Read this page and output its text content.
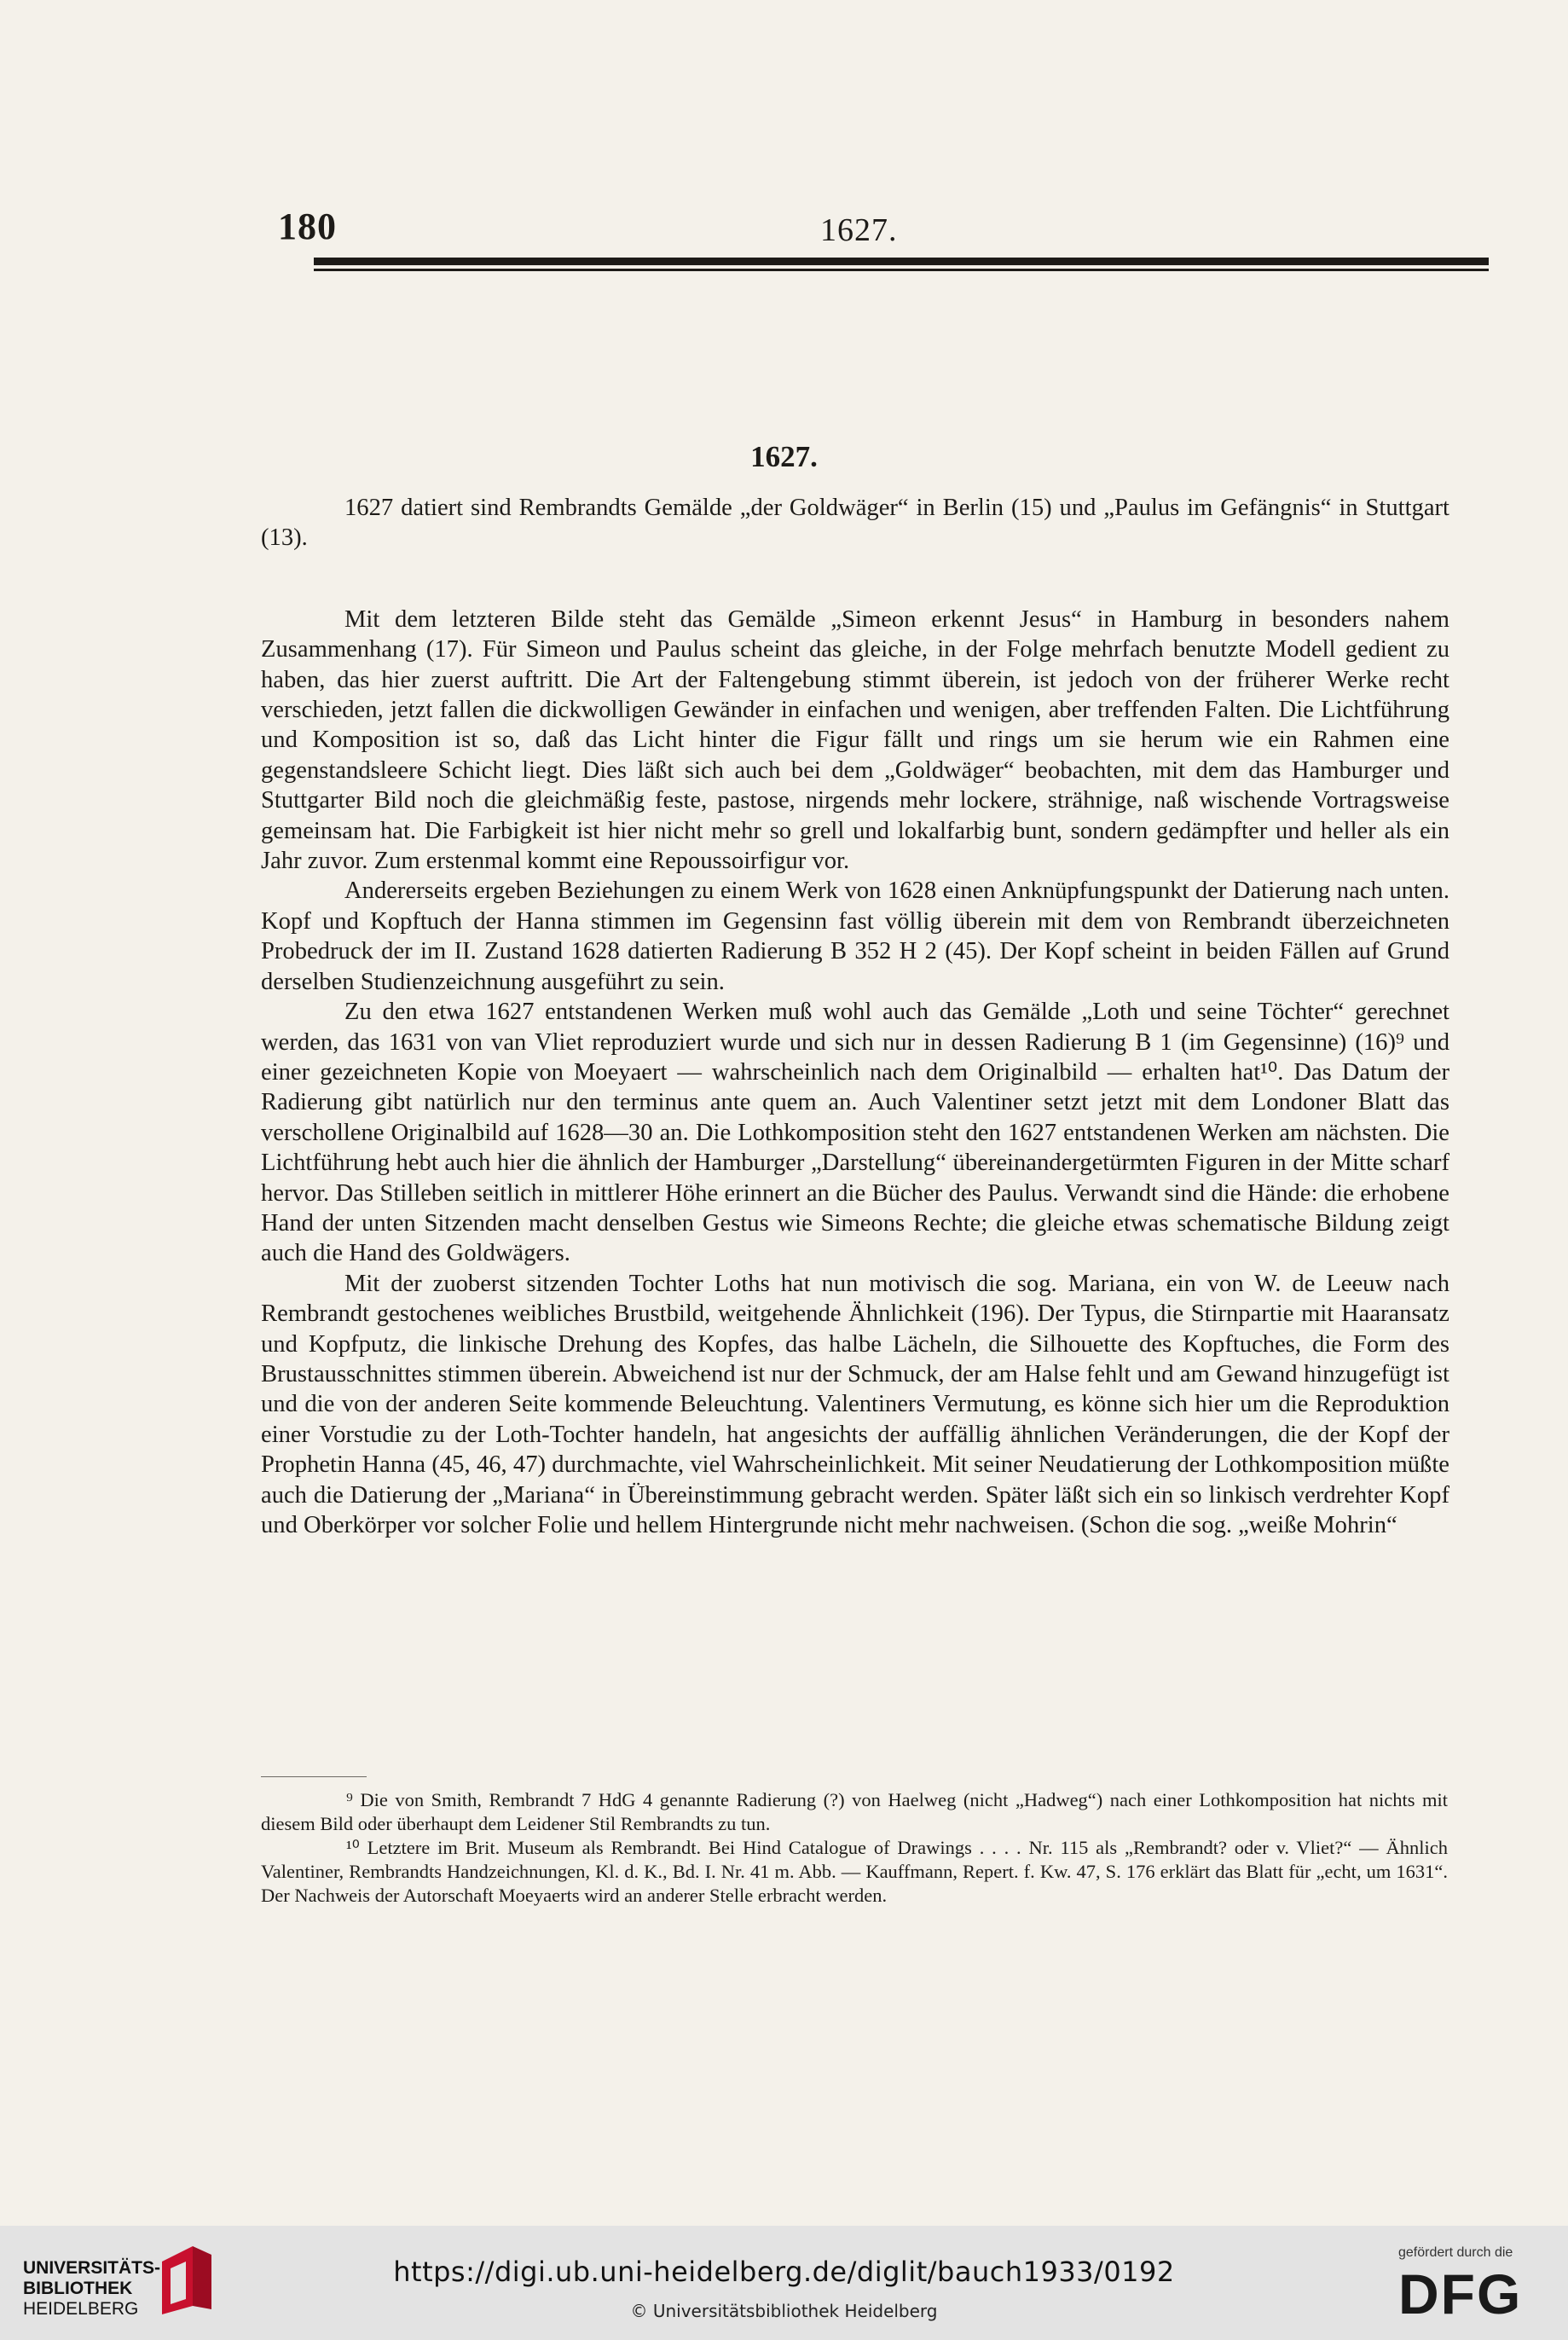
180	1627.
1627.

1627 datiert sind Rembrandts Gemälde „der Goldwäger“ in Berlin (15) und „Paulus im Gefängnis“ in Stuttgart (13).

Mit dem letzteren Bilde steht das Gemälde „Simeon erkennt Jesus“ in Hamburg in besonders nahem Zusammenhang (17). Für Simeon und Paulus scheint das gleiche, in der Folge mehrfach benutzte Modell gedient zu haben, das hier zuerst auftritt. Die Art der Faltengebung stimmt überein, ist jedoch von der früherer Werke recht verschieden, jetzt fallen die dickwolligen Gewänder in einfachen und wenigen, aber treffenden Falten. Die Lichtführung und Komposition ist so, daß das Licht hinter die Figur fällt und rings um sie herum wie ein Rahmen eine gegenstandsleere Schicht liegt. Dies läßt sich auch bei dem „Goldwäger“ beobachten, mit dem das Hamburger und Stuttgarter Bild noch die gleichmäßig feste, pastose, nirgends mehr lockere, strähnige, naß wischende Vortragsweise gemeinsam hat. Die Farbigkeit ist hier nicht mehr so grell und lokalfarbig bunt, sondern gedämpfter und heller als ein Jahr zuvor. Zum erstenmal kommt eine Repoussoirfigur vor.

Andererseits ergeben Beziehungen zu einem Werk von 1628 einen Anknüpfungspunkt der Datierung nach unten. Kopf und Kopftuch der Hanna stimmen im Gegensinn fast völlig überein mit dem von Rembrandt überzeichneten Probedruck der im II. Zustand 1628 datierten Radierung B 352 H 2 (45). Der Kopf scheint in beiden Fällen auf Grund derselben Studienzeichnung ausgeführt zu sein.

Zu den etwa 1627 entstandenen Werken muß wohl auch das Gemälde „Loth und seine Töchter“ gerechnet werden, das 1631 von van Vliet reproduziert wurde und sich nur in dessen Radierung B 1 (im Gegensinne) (16)⁹ und einer gezeichneten Kopie von Moeyaert — wahrscheinlich nach dem Originalbild — erhalten hat¹⁰. Das Datum der Radierung gibt natürlich nur den terminus ante quem an. Auch Valentiner setzt jetzt mit dem Londoner Blatt das verschollene Originalbild auf 1628—30 an. Die Lothkomposition steht den 1627 entstandenen Werken am nächsten. Die Lichtführung hebt auch hier die ähnlich der Hamburger „Darstellung“ übereinandergetürmten Figuren in der Mitte scharf hervor. Das Stilleben seitlich in mittlerer Höhe erinnert an die Bücher des Paulus. Verwandt sind die Hände: die erhobene Hand der unten Sitzenden macht denselben Gestus wie Simeons Rechte; die gleiche etwas schematische Bildung zeigt auch die Hand des Goldwägers.

Mit der zuoberst sitzenden Tochter Loths hat nun motivisch die sog. Mariana, ein von W. de Leeuw nach Rembrandt gestochenes weibliches Brustbild, weitgehende Ähnlichkeit (196). Der Typus, die Stirnpartie mit Haaransatz und Kopfputz, die linkische Drehung des Kopfes, das halbe Lächeln, die Silhouette des Kopftuches, die Form des Brustausschnittes stimmen überein. Abweichend ist nur der Schmuck, der am Halse fehlt und am Gewand hinzugefügt ist und die von der anderen Seite kommende Beleuchtung. Valentiners Vermutung, es könne sich hier um die Reproduktion einer Vorstudie zu der Loth-Tochter handeln, hat angesichts der auffällig ähnlichen Veränderungen, die der Kopf der Prophetin Hanna (45, 46, 47) durchmachte, viel Wahrscheinlichkeit. Mit seiner Neudatierung der Lothkomposition müßte auch die Datierung der „Mariana“ in Übereinstimmung gebracht werden. Später läßt sich ein so linkisch verdrehter Kopf und Oberkörper vor solcher Folie und hellem Hintergrunde nicht mehr nachweisen. (Schon die sog. „weiße Mohrin“

⁹ Die von Smith, Rembrandt 7 HdG 4 genannte Radierung (?) von Haelweg (nicht „Hadweg“) nach einer Lothkomposition hat nichts mit diesem Bild oder überhaupt dem Leidener Stil Rembrandts zu tun.

¹⁰ Letztere im Brit. Museum als Rembrandt. Bei Hind Catalogue of Drawings . . . . Nr. 115 als „Rembrandt? oder v. Vliet?“ — Ähnlich Valentiner, Rembrandts Handzeichnungen, Kl. d. K., Bd. I. Nr. 41 m. Abb. — Kauffmann, Repert. f. Kw. 47, S. 176 erklärt das Blatt für „echt, um 1631“. Der Nachweis der Autorschaft Moeyaerts wird an anderer Stelle erbracht werden.

UNIVERSITÄTS-
BIBLIOTHEK
HEIDELBERG
https://digi.ub.uni-heidelberg.de/diglit/bauch1933/0192
© Universitätsbibliothek Heidelberg
gefördert durch die
DFG
